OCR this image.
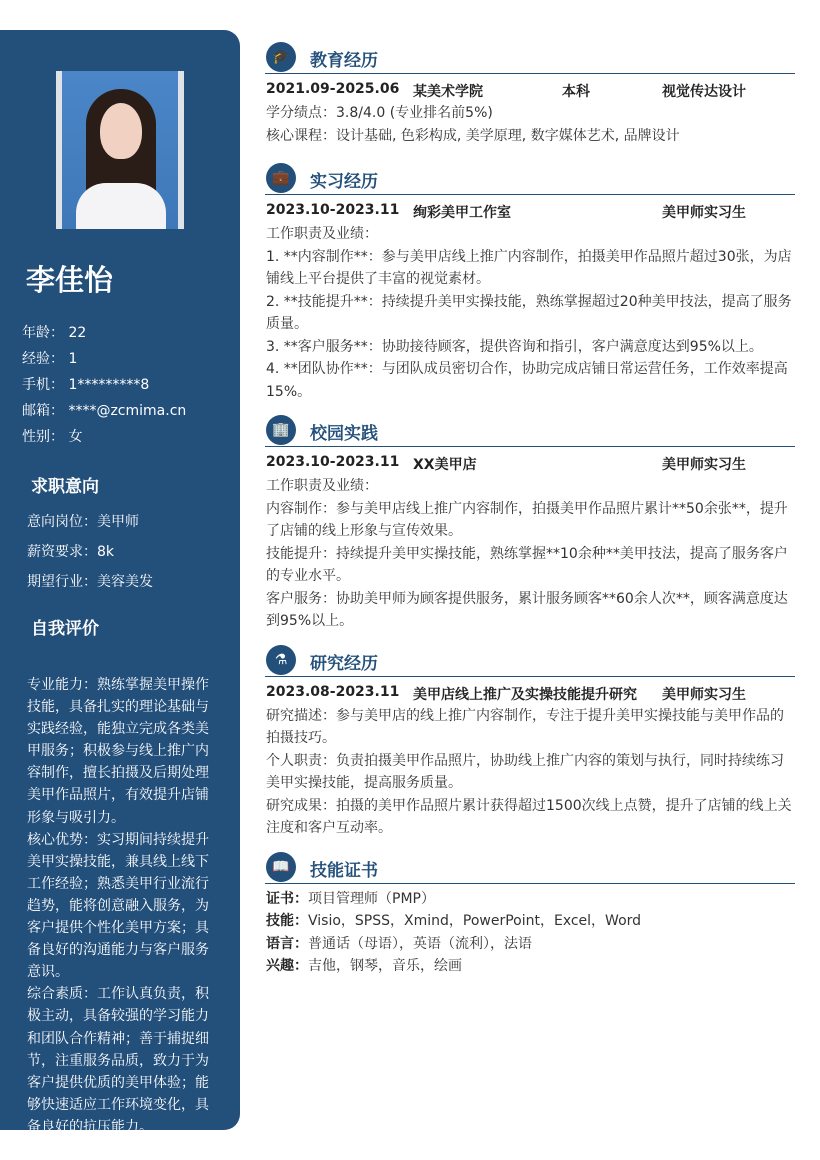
李佳怡
年龄： 22
经验： 1
手机： 1*********8
邮箱： ****@zcmima.cn
性别： 女
求职意向
意向岗位：美甲师
薪资要求：8k
期望行业：美容美发
自我评价
专业能力：熟练掌握美甲操作技能，具备扎实的理论基础与实践经验，能独立完成各类美甲服务；积极参与线上推广内容制作，擅长拍摄及后期处理美甲作品照片，有效提升店铺形象与吸引力。
核心优势：实习期间持续提升美甲实操技能，兼具线上线下工作经验；熟悉美甲行业流行趋势，能将创意融入服务，为客户提供个性化美甲方案；具备良好的沟通能力与客户服务意识。
综合素质：工作认真负责，积极主动，具备较强的学习能力和团队合作精神；善于捕捉细节，注重服务品质，致力于为客户提供优质的美甲体验；能够快速适应工作环境变化，具备良好的抗压能力。
🎓	教育经历
2021.09-2025.06 某美术学院	本科	视觉传达设计
学分绩点：3.8/4.0 (专业排名前5%)
核心课程：设计基础, 色彩构成, 美学原理, 数字媒体艺术, 品牌设计
💼	实习经历
2023.10-2023.11 绚彩美甲工作室	美甲师实习生
工作职责及业绩：
1. **内容制作**：参与美甲店线上推广内容制作，拍摄美甲作品照片超过30张，为店铺线上平台提供了丰富的视觉素材。
2. **技能提升**：持续提升美甲实操技能，熟练掌握超过20种美甲技法，提高了服务质量。
3. **客户服务**：协助接待顾客，提供咨询和指引，客户满意度达到95%以上。
4. **团队协作**：与团队成员密切合作，协助完成店铺日常运营任务，工作效率提高15%。
🏢	校园实践
2023.10-2023.11 XX美甲店	美甲师实习生
工作职责及业绩：
内容制作：参与美甲店线上推广内容制作，拍摄美甲作品照片累计**50余张**，提升了店铺的线上形象与宣传效果。
技能提升：持续提升美甲实操技能，熟练掌握**10余种**美甲技法，提高了服务客户的专业水平。
客户服务：协助美甲师为顾客提供服务，累计服务顾客**60余人次**，顾客满意度达到95%以上。
⚗	研究经历
2023.08-2023.11 美甲店线上推广及实操技能提升研究 美甲师实习生
研究描述：参与美甲店的线上推广内容制作，专注于提升美甲实操技能与美甲作品的拍摄技巧。
个人职责：负责拍摄美甲作品照片，协助线上推广内容的策划与执行，同时持续练习美甲实操技能，提高服务质量。
研究成果：拍摄的美甲作品照片累计获得超过1500次线上点赞，提升了店铺的线上关注度和客户互动率。
📖	技能证书
证书：项目管理师（PMP）
技能：Visio，SPSS，Xmind，PowerPoint，Excel，Word
语言：普通话（母语），英语（流利），法语
兴趣：吉他，钢琴，音乐，绘画
